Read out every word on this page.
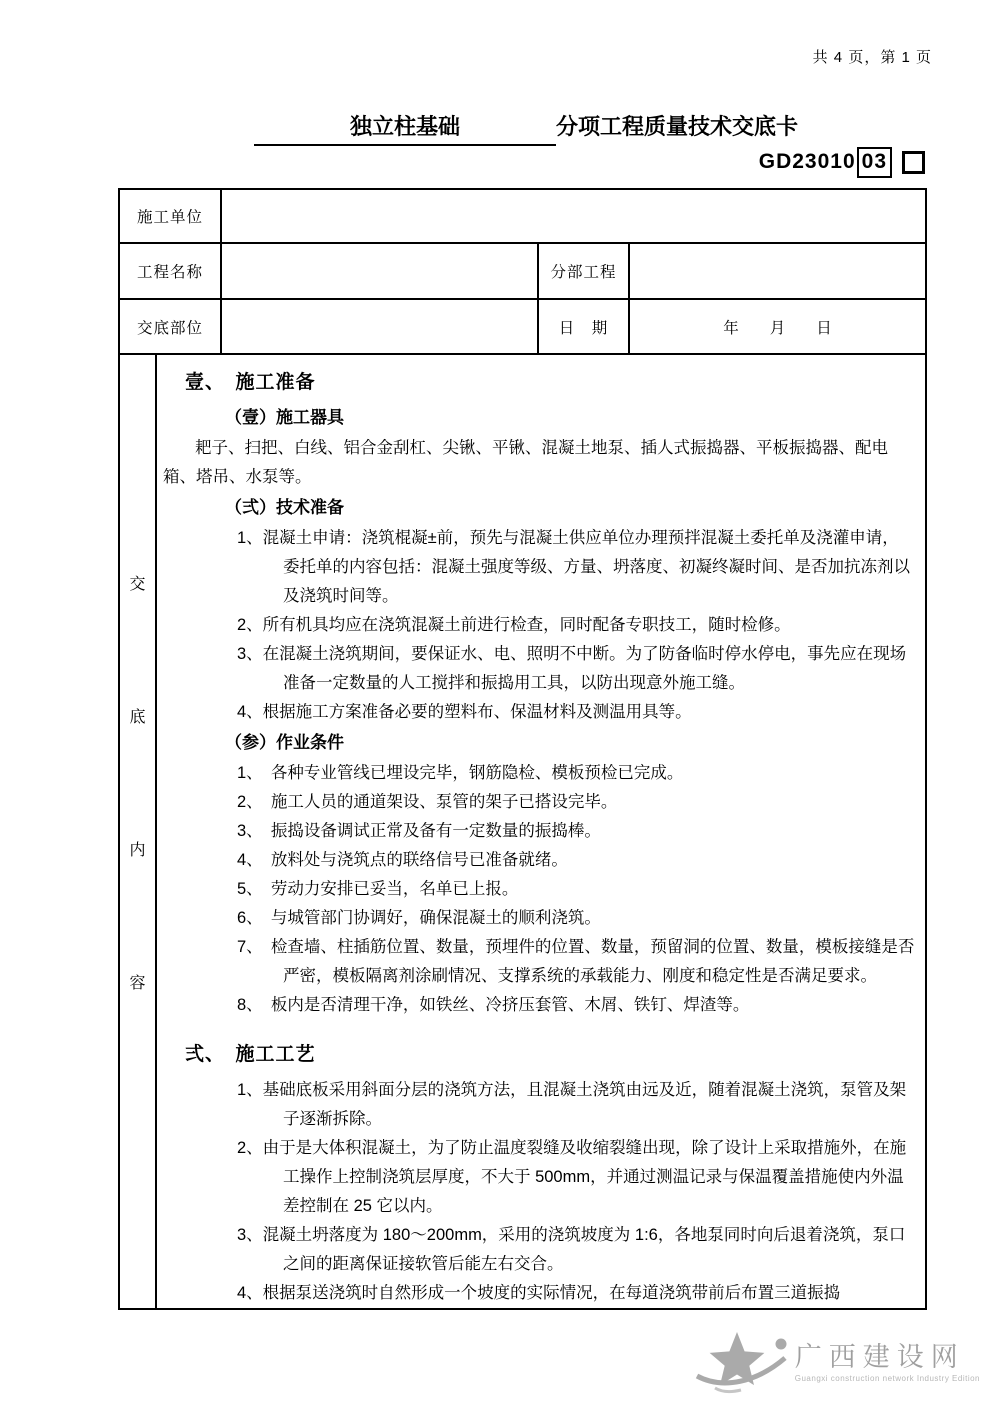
共 4 页，第 1 页
独立柱基础	分项工程质量技术交底卡
GD23010 03
施工单位			
工程名称		分部工程	
交底部位		日　期	年　　月　　日

交
底
内
容
壹、　施工准备
（壹）施工器具
耙子、扫把、白线、铝合金刮杠、尖锹、平锹、混凝土地泵、插人式振捣器、平板振捣器、配电箱、塔吊、水泵等。
（弍）技术准备
1、混凝土申请：浇筑棍凝±前，预先与混凝土供应单位办理预拌混凝土委托单及浇灌申请，委托单的内容包括：混凝土强度等级、方量、坍落度、初凝终凝时间、是否加抗冻剂以及浇筑时间等。
2、所有机具均应在浇筑混凝土前进行检查，同时配备专职技工，随时检修。
3、在混凝土浇筑期间，要保证水、电、照明不中断。为了防备临时停水停电，事先应在现场准备一定数量的人工搅拌和振捣用工具，以防出现意外施工缝。
4、根据施工方案准备必要的塑料布、保温材料及测温用具等。
（参）作业条件
1、　各种专业管线已埋设完毕，钢筋隐检、模板预检已完成。
2、　施工人员的通道架设、泵管的架子已搭设完毕。
3、　振捣设备调试正常及备有一定数量的振捣棒。
4、　放料处与浇筑点的联络信号已准备就绪。
5、　劳动力安排已妥当，名单已上报。
6、　与城管部门协调好，确保混凝土的顺利浇筑。
7、　检查墙、柱插筋位置、数量，预埋件的位置、数量，预留洞的位置、数量，模板接缝是否严密，模板隔离剂涂刷情况、支撑系统的承载能力、刚度和稳定性是否满足要求。
8、　板内是否清理干净，如铁丝、冷挤压套管、木屑、铁钉、焊渣等。
弍、　施工工艺
1、基础底板采用斜面分层的浇筑方法，且混凝土浇筑由远及近，随着混凝土浇筑，泵管及架子逐渐拆除。
2、由于是大体积混凝土，为了防止温度裂缝及收缩裂缝出现，除了设计上采取措施外，在施工操作上控制浇筑层厚度，不大于 500mm，并通过测温记录与保温覆盖措施使内外温差控制在 25 它以内。
3、混凝土坍落度为 180～200mm，采用的浇筑坡度为 1:6，各地泵同时向后退着浇筑，泵口之间的距离保证接软管后能左右交合。
4、根据泵送浇筑时自然形成一个坡度的实际情况，在每道浇筑带前后布置三道振捣
广西建设网
Guangxi construction network Industry Edition
